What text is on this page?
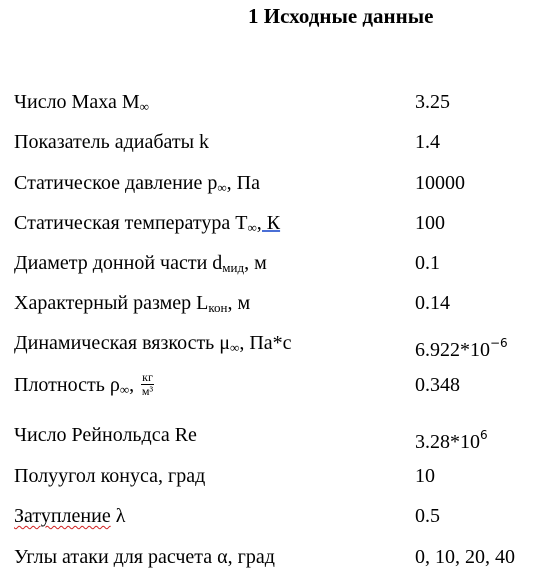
1 Исходные данные
Число Маха $M_\infty$	3.25
Показатель адиабаты k	1.4
Статическое давление $p_\infty$, Па	10000
Статическая температура $T_\infty$, К	100
Диаметр донной части $d_{мид}$, м	0.1
Характерный размер $L_{кон}$, м	0.14
Динамическая вязкость $\mu_\infty$, Па*с	$6.922*10^{-6}$
Плотность $\rho_\infty$, $\frac{кг}{\text{м³}}$	0.348
Число Рейнольдса Re	$3.28*10^6$
Полуугол конуса, град	10
Затупление λ	0.5
Углы атаки для расчета α, град	0, 10, 20, 40
